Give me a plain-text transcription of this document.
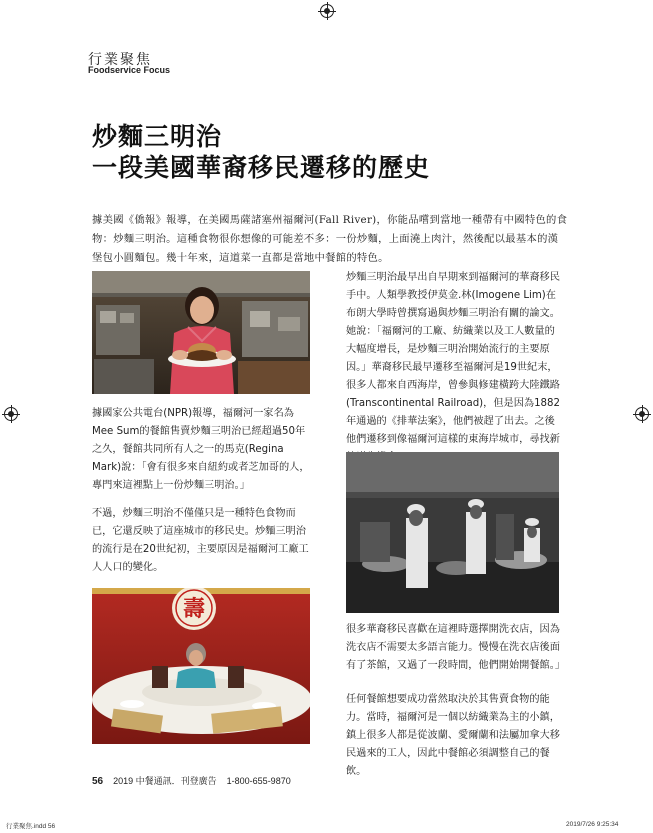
行業聚焦
Foodservice Focus
炒麵三明治
一段美國華裔移民遷移的歷史
據美國《僑報》報導，在美國馬薩諸塞州福爾河(Fall River)，你能品嚐到當地一種帶有中國特色的食物：炒麵三明治。這種食物很你想像的可能差不多：一份炒麵，上面澆上肉汁，然後配以最基本的漢堡包小圓麵包。幾十年來，這道菜一直都是當地中餐館的特色。

炒麵三明治最早出自早期來到福爾河的華裔移民手中。人類學教授伊莫金.林(Imogene Lim)在布朗大學時曾撰寫過與炒麵三明治有關的論文。她說：「福爾河的工廠、紡織業以及工人數量的大幅度增長，是炒麵三明治開始流行的主要原因。」華裔移民最早遷移至福爾河是19世紀末，很多人都來自西海岸，曾參與修建橫跨大陸鐵路(Transcontinental Railroad)，但是因為1882年通過的《排華法案》，他們被趕了出去。之後他們遷移到像福爾河這樣的東海岸城市，尋找新

據國家公共電台(NPR)報導，福爾河一家名為Mee Sum的餐館售賣炒麵三明治已經超過50年之久，餐館共同所有人之一的馬克(Regina Mark)說：「會有很多來自紐約或者芝加哥的人，專門來這裡點上一份炒麵三明治。」

不過，炒麵三明治不僅僅只是一種特色食物而已，它還反映了這座城市的移民史。炒麵三明治的流行是在20世紀初，主要原因是福爾河工廠工人人口的變化。

很多華裔移民喜歡在這裡時選擇開洗衣店，因為洗衣店不需要太多語言能力。慢慢在洗衣店後面有了茶館，又過了一段時間，他們開始開餐館。」

任何餐館想要成功當然取決於其售賣食物的能力。當時，福爾河是一個以紡織業為主的小鎮，鎮上很多人都是從波蘭、愛爾蘭和法屬加拿大移民過來的工人，因此中餐館必須調整自己的餐飲。

壽
56 2019 中餐通訊．刊登廣告 1-800-655-9870
行業聚焦.indd 56	2019/7/26 9:25:34
